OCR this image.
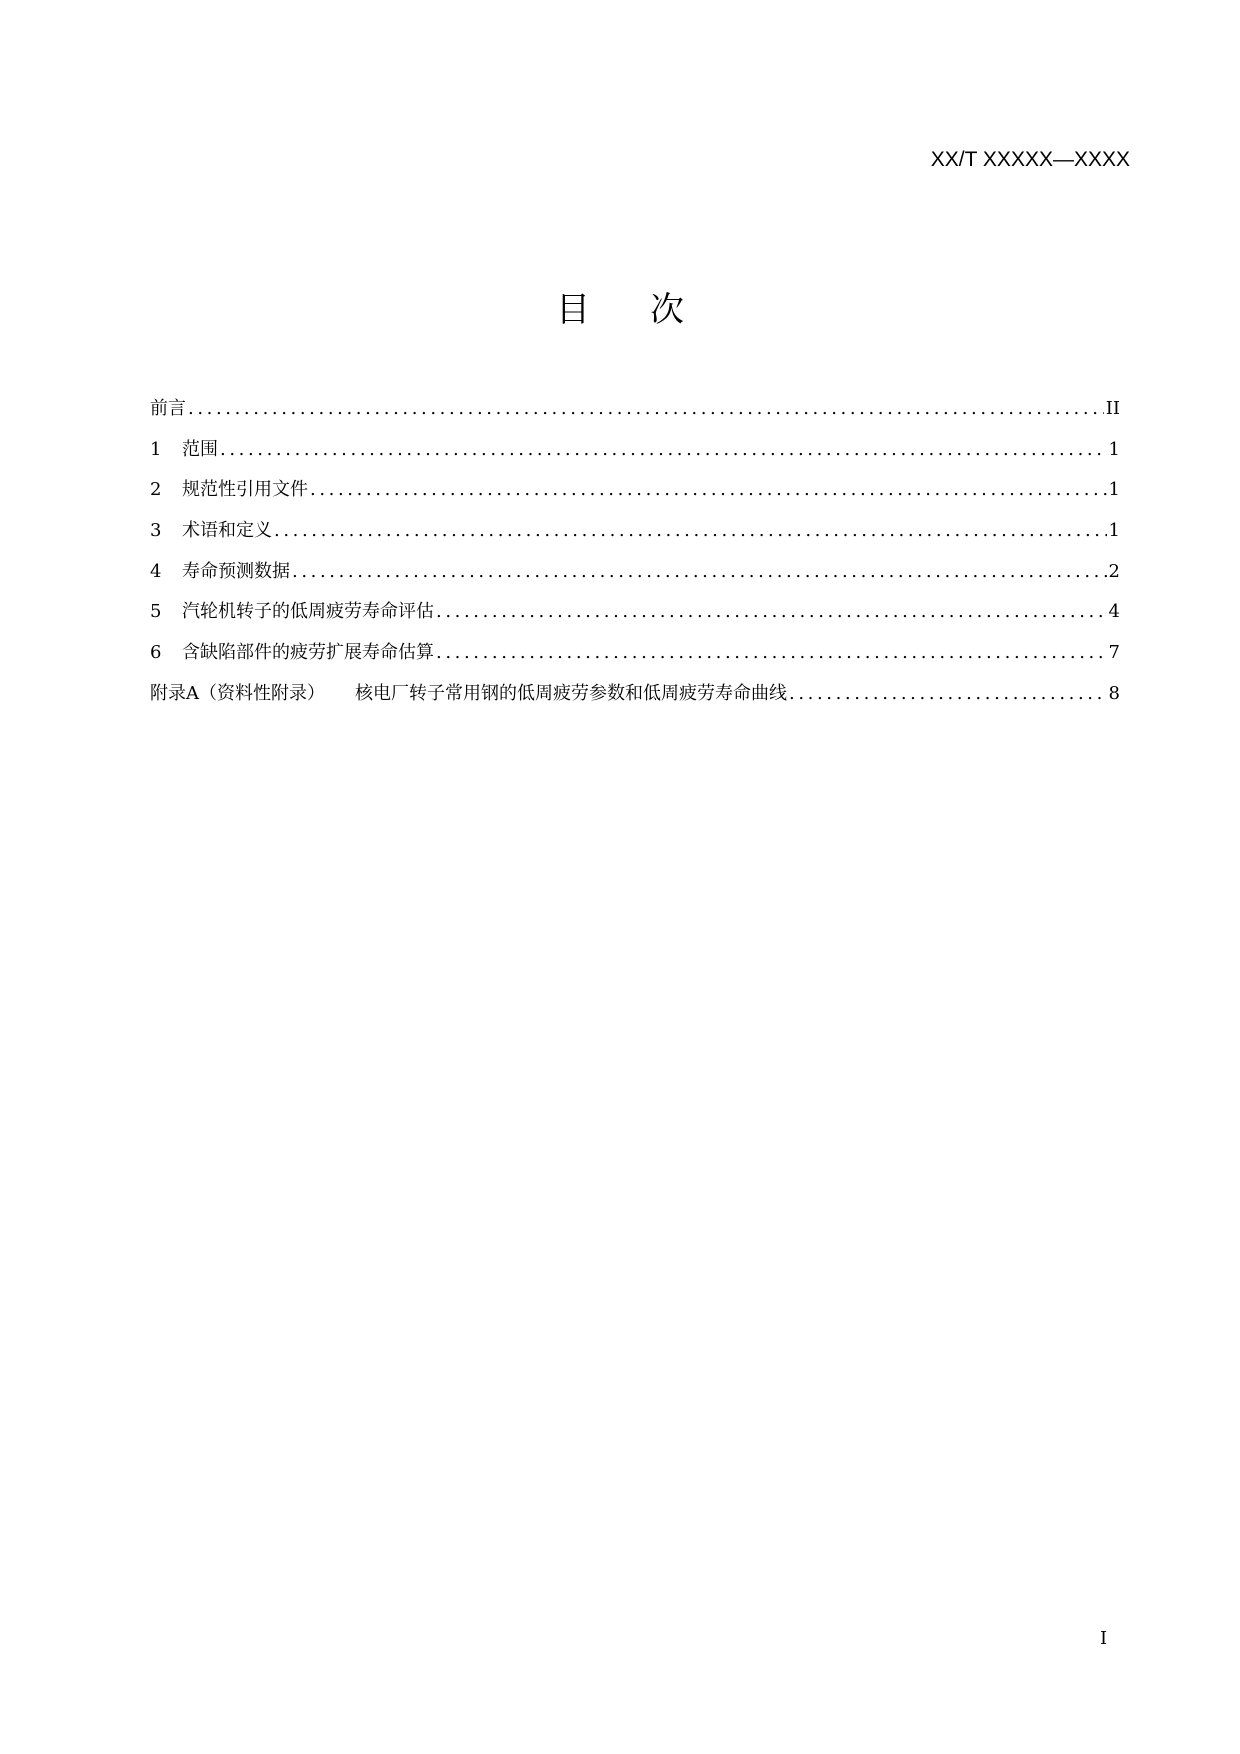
XX/T XXXXX—XXXX
目 次
前言 .....	II
1	范围 .....	1
2	规范性引用文件 .....	1
3	术语和定义 .....	1
4	寿命预测数据 .....	2
5	汽轮机转子的低周疲劳寿命评估 .....	4
6	含缺陷部件的疲劳扩展寿命估算 .....	7
附录A（资料性附录） 核电厂转子常用钢的低周疲劳参数和低周疲劳寿命曲线 .....	8
I
